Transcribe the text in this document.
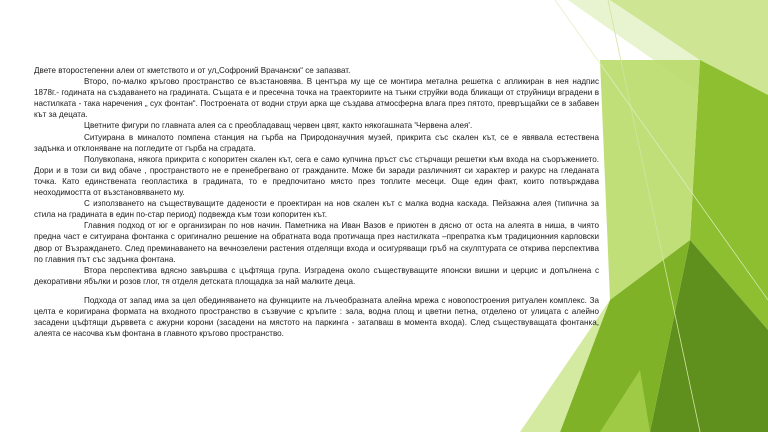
Двете второстепенни алеи от кметството и от ул„Софроний Врачански“ се запазват.

Второ, по-малко кръгово пространство се възстановява. В центъра му ще се монтира металнa решетка с апликиран в нея надпис 1878г.- годината на създаването на градината. Същата е и пресечна точка на траекториите на тънки струйки вода бликащи от струйници вградени в настилката - така наречения „ сух фонтан“. Построената от водни струи арка ще създава атмосферна влага през пятото, превръщайки се в забавен кът за децата.

Цветните фигури по главната алея са с преобладаващ червен цвят, както някогашната 'Червена алея'.

Ситуирана в миналото помпена станция на гърба на Природонаучния музей, прикрита със скален кът, се е явявала естествена задънка и отклоняване на погледите от гърба на сградата.

Полувкопана, някога прикрита с копоритен скален кът, сега е само купчина пръст със стърчащи решетки към входа на съоръжението. Дори и в този си вид обаче , пространството не е пренебрегвано от гражданите. Може би заради различният си характер и ракурс на гледаната точка. Като единствената геопластика в градината, то е предпочитано място през топлите месеци. Още един факт, които потвърждава неоходимостта от възстановяването му.

С използването на съществуващите дадености е проектиран на нов скален кът с малка водна каскада. Пейзажна алея (типична за стила на градината в един по-стар период) подвежда към този копоритен кът.

Главния подход от юг е организиран по нов начин. Паметника на Иван Вазов е приютен в дясно от оста на алеята в ниша, в чиято предна част е ситуирана фонтанка с оригинално решение на обратната вода протичаща през настилката –препратка към традиционния карловски двор от Възраждането. След преминаването на вечнозелени растения отделящи входа и осигуряващи гръб на скулптурата се открива перспектива по главния път със задънка фонтана.

Втора перспектива вдясно завършва с цъфтяща група. Изградена около съществуващите японски вишни и церцис и допълнена с декоративни ябълки и розов глог, тя отделя детската площадка за най малките деца.

Подхода от запад има за цел обединяването на функциите на лъчеобразната алейна мрежа с новопостроения ритуален комплекс. За целта е коригирана формата на входното пространство в съзвучие с кръпите : зала, водна площ и цветни петна, отделено от улицата с алейно засадени цъфтящи дърввета с ажурни корони (засадени на мястото на паркинга - затапваш в момента входа). След съществуващата фонтанка, алеята се насочва към фонтана в главното кръгово пространство.
